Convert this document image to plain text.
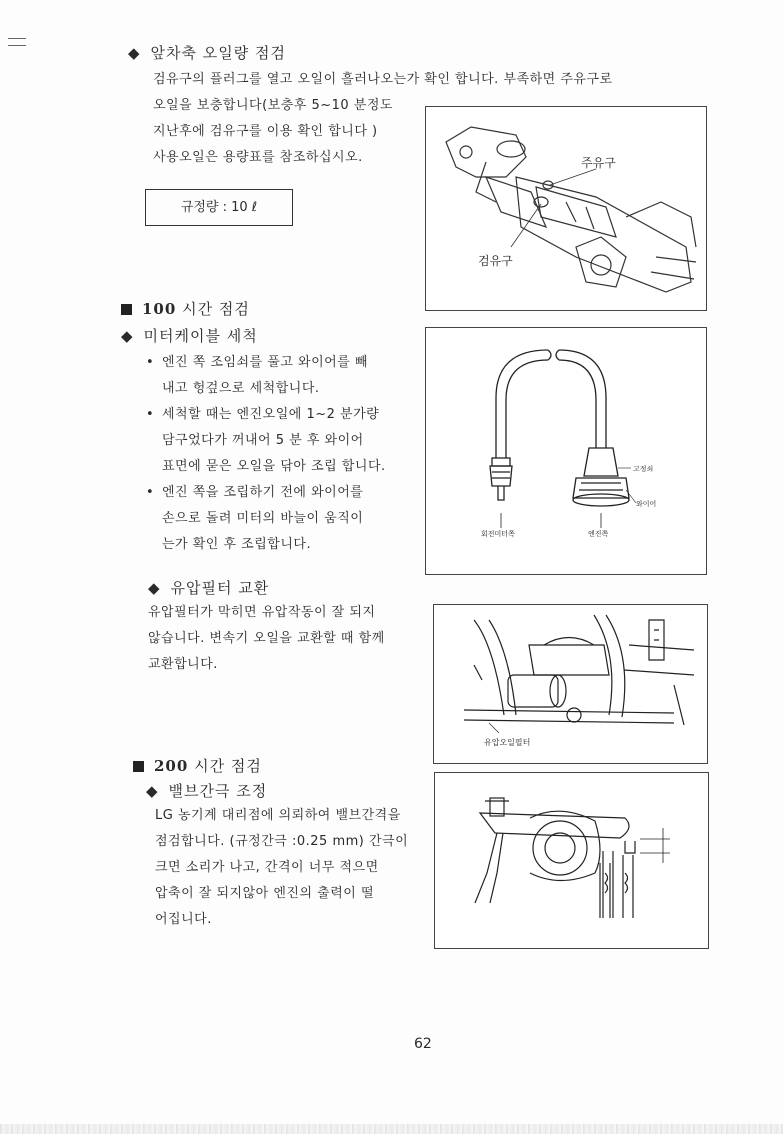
◆ 앞차축 오일량 점검
검유구의 플러그를 열고 오일이 흘러나오는가 확인 합니다. 부족하면 주유구로
오일을 보충합니다(보충후 5~10 분정도
지난후에 검유구를 이용 확인 합니다 )
사용오일은 용량표를 참조하십시오.
규정량 : 10 ℓ
주유구
검유구
100 시간 점검
◆ 미터케이블 세척
• 엔진 쪽 조임쇠를 풀고 와이어를 빼
내고 헝겊으로 세척합니다.
• 세척할 때는 엔진오일에 1~2 분가량
담구었다가 꺼내어 5 분 후 와이어
표면에 묻은 오일을 닦아 조립 합니다.
• 엔진 쪽을 조립하기 전에 와이어를
손으로 돌려 미터의 바늘이 움직이
는가 확인 후 조립합니다.
고정쇠
와이어
회전미터쪽	엔진쪽
◆ 유압필터 교환
유압필터가 막히면 유압작동이 잘 되지
않습니다. 변속기 오일을 교환할 때 함께
교환합니다.
유압오일필터
200 시간 점검
◆ 밸브간극 조정
LG 농기계 대리점에 의뢰하여 밸브간격을
점검합니다. (규정간극 :0.25 mm) 간극이
크면 소리가 나고, 간격이 너무 적으면
압축이 잘 되지않아 엔진의 출력이 떨
어집니다.
62
